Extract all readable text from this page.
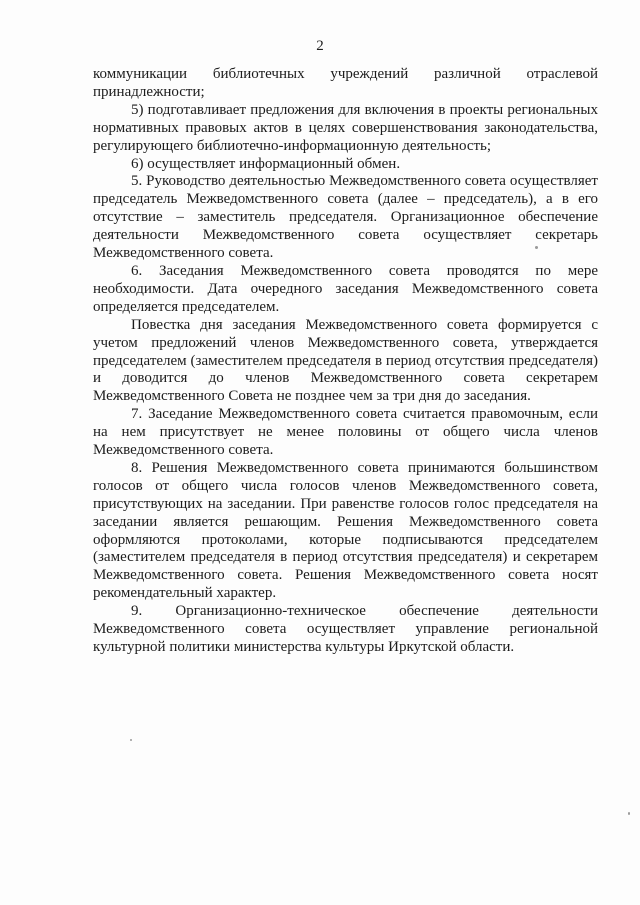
2

коммуникации библиотечных учреждений различной отраслевой принадлежности;

5) подготавливает предложения для включения в проекты региональных нормативных правовых актов в целях совершенствования законодательства, регулирующего библиотечно-информационную деятельность;

6) осуществляет информационный обмен.

5. Руководство деятельностью Межведомственного совета осуществляет председатель Межведомственного совета (далее – председатель), а в его отсутствие – заместитель председателя. Организационное обеспечение деятельности Межведомственного совета осуществляет секретарь Межведомственного совета.

6. Заседания Межведомственного совета проводятся по мере необходимости. Дата очередного заседания Межведомственного совета определяется председателем.

Повестка дня заседания Межведомственного совета формируется с учетом предложений членов Межведомственного совета, утверждается председателем (заместителем председателя в период отсутствия председателя) и доводится до членов Межведомственного совета секретарем Межведомственного Совета не позднее чем за три дня до заседания.

7. Заседание Межведомственного совета считается правомочным, если на нем присутствует не менее половины от общего числа членов Межведомственного совета.

8. Решения Межведомственного совета принимаются большинством голосов от общего числа голосов членов Межведомственного совета, присутствующих на заседании. При равенстве голосов голос председателя на заседании является решающим. Решения Межведомственного совета оформляются протоколами, которые подписываются председателем (заместителем председателя в период отсутствия председателя) и секретарем Межведомственного совета. Решения Межведомственного совета носят рекомендательный характер.

9. Организационно-техническое обеспечение деятельности Межведомственного совета осуществляет управление региональной культурной политики министерства культуры Иркутской области.
